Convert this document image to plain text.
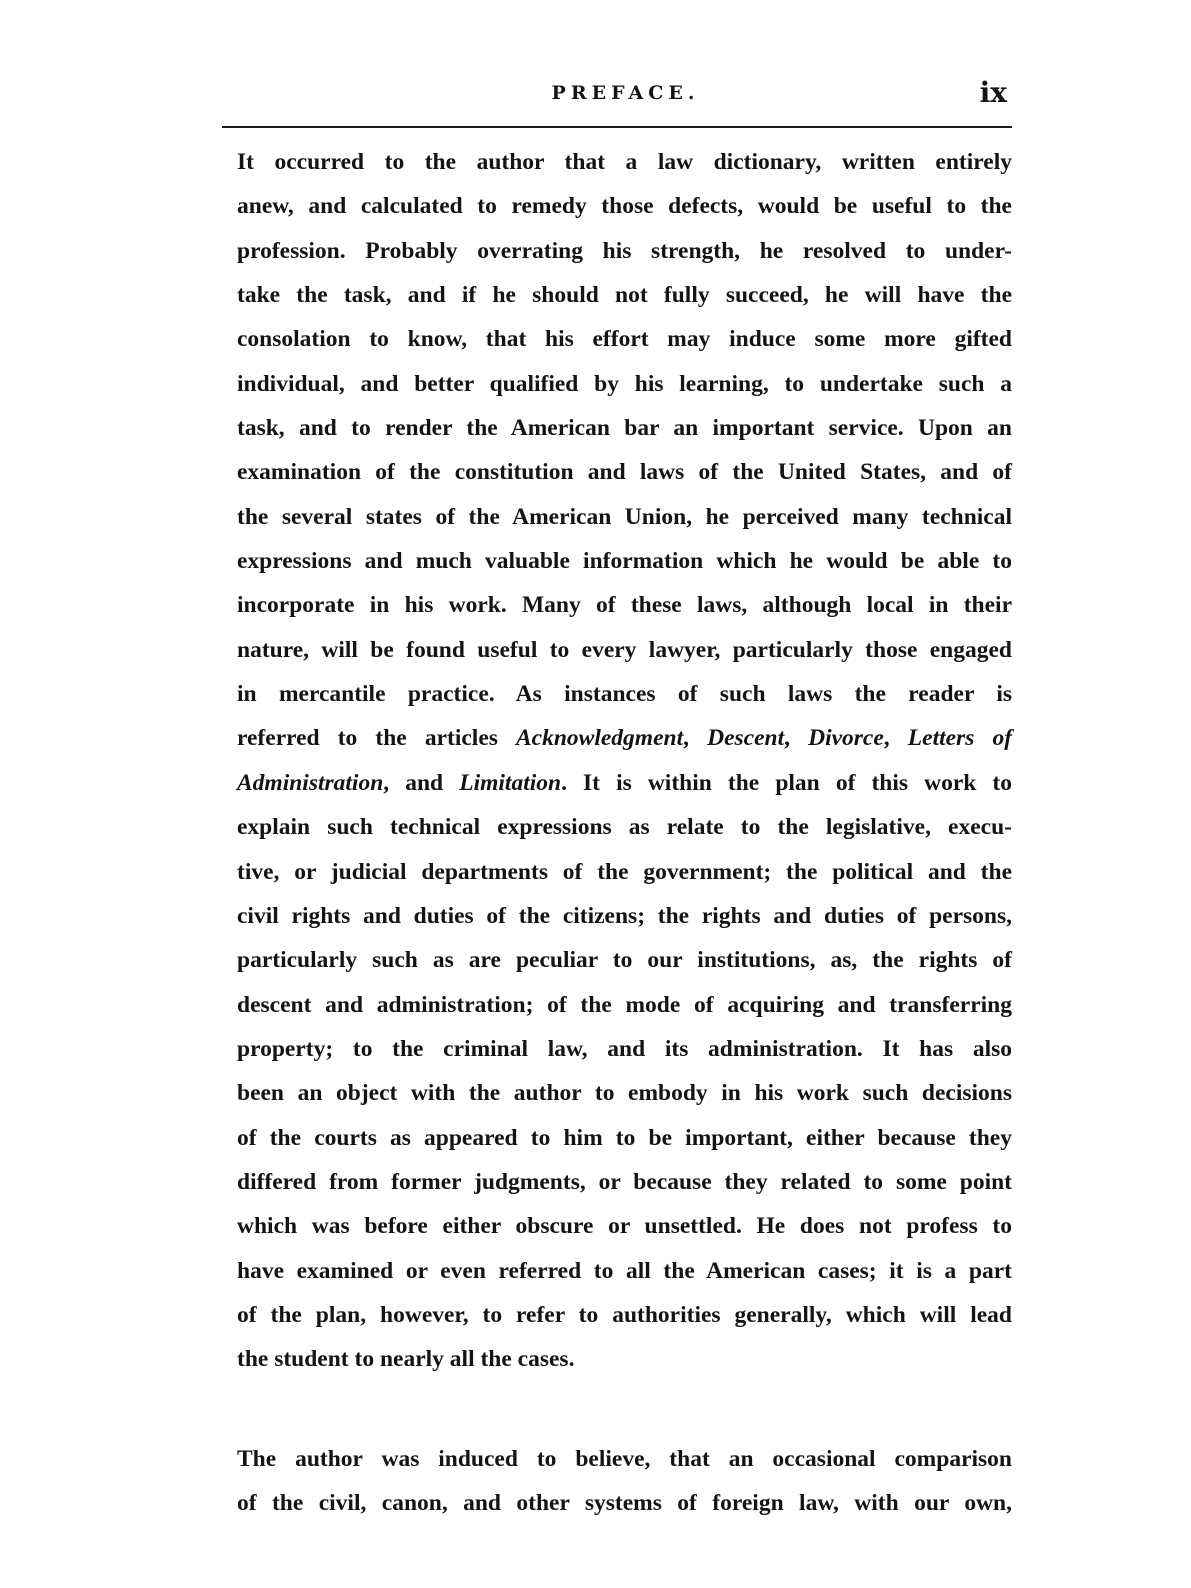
PREFACE.	ix
It occurred to the author that a law dictionary, written entirely
anew, and calculated to remedy those defects, would be useful to the
profession. Probably overrating his strength, he resolved to under-
take the task, and if he should not fully succeed, he will have the
consolation to know, that his effort may induce some more gifted
individual, and better qualified by his learning, to undertake such a
task, and to render the American bar an important service. Upon an
examination of the constitution and laws of the United States, and of
the several states of the American Union, he perceived many technical
expressions and much valuable information which he would be able to
incorporate in his work. Many of these laws, although local in their
nature, will be found useful to every lawyer, particularly those engaged
in mercantile practice. As instances of such laws the reader is
referred to the articles Acknowledgment, Descent, Divorce, Letters of
Administration, and Limitation. It is within the plan of this work to
explain such technical expressions as relate to the legislative, execu-
tive, or judicial departments of the government; the political and the
civil rights and duties of the citizens; the rights and duties of persons,
particularly such as are peculiar to our institutions, as, the rights of
descent and administration; of the mode of acquiring and transferring
property; to the criminal law, and its administration. It has also
been an object with the author to embody in his work such decisions
of the courts as appeared to him to be important, either because they
differed from former judgments, or because they related to some point
which was before either obscure or unsettled. He does not profess to
have examined or even referred to all the American cases; it is a part
of the plan, however, to refer to authorities generally, which will lead
the student to nearly all the cases.
The author was induced to believe, that an occasional comparison
of the civil, canon, and other systems of foreign law, with our own,
